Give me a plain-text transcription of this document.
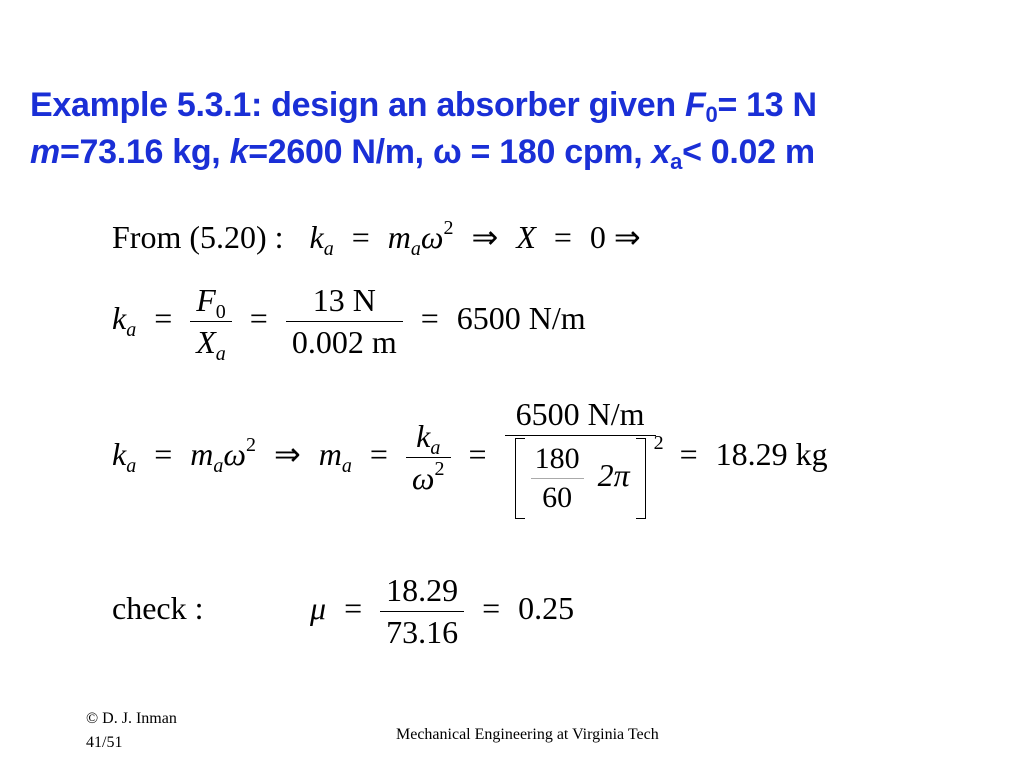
Example 5.3.1: design an absorber given $F_0= 13$ N
m=73.16 kg, k=2600 N/m, ω = 180 cpm, $x_a< 0.02$ m
From (5.20) : $k_a = m_a\omega^2$ ⇒ X = 0 ⇒
$k_a = \frac{F_0}{X_a} = \frac{13 N}{0.002 m} = 6500$ N/m
$k_a = m_a\omega^2$ ⇒ $m_a = \frac{k_a}{\omega^2} = 6500$ N/m
$\frac{180}{60} 2\pi$
2 = 18.29 kg
check :	$\mu = \frac{18.29}{73.16} = 0.25$
© D. J. Inman
41/51	Mechanical Engineering at Virginia Tech
